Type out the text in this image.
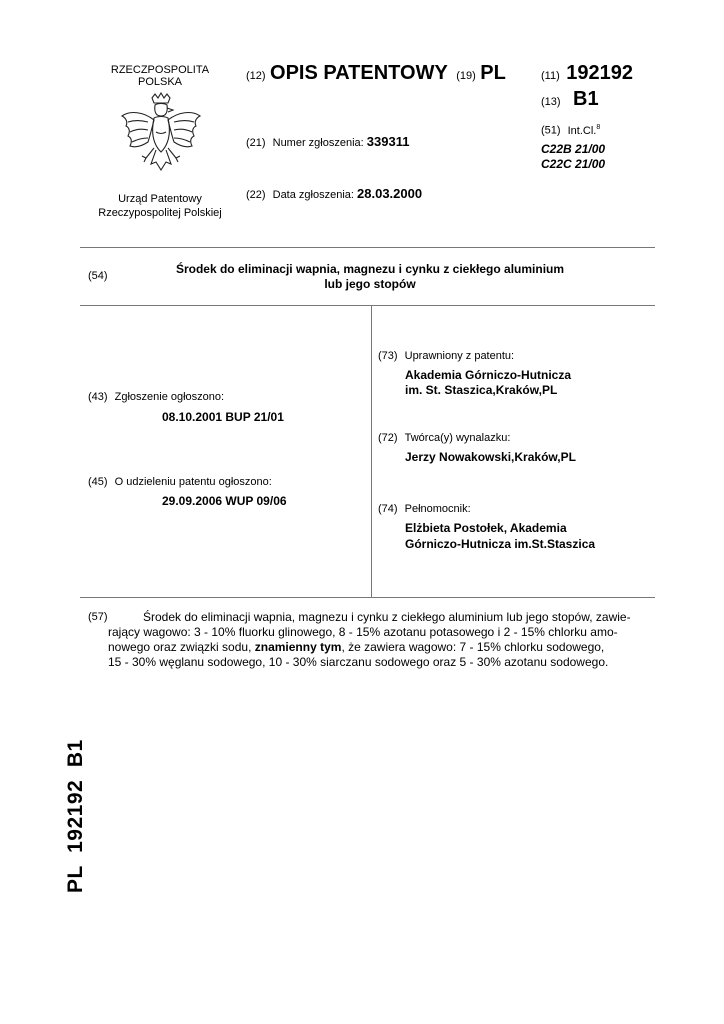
RZECZPOSPOLITA
POLSKA
Urząd Patentowy
Rzeczypospolitej Polskiej
(12) OPIS PATENTOWY (19) PL	(11) 192192
(13) B1
(21) Numer zgłoszenia: 339311
(51) Int.Cl.$^8$
C22B 21/00
C22C 21/00
(22) Data zgłoszenia: 28.03.2000
(54)	Środek do eliminacji wapnia, magnezu i cynku z ciekłego aluminium
lub jego stopów
(43) Zgłoszenie ogłoszono:
08.10.2001 BUP 21/01
(45) O udzieleniu patentu ogłoszono:
29.09.2006 WUP 09/06
(73) Uprawniony z patentu:
Akademia Górniczo-Hutnicza
im. St. Staszica,Kraków,PL
(72) Twórca(y) wynalazku:
Jerzy Nowakowski,Kraków,PL
(74) Pełnomocnik:
Elżbieta Postołek, Akademia
Górniczo-Hutnicza im.St.Staszica
(57)	Środek do eliminacji wapnia, magnezu i cynku z ciekłego aluminium lub jego stopów, zawie-
rający wagowo: 3 - 10% fluorku glinowego, 8 - 15% azotanu potasowego i 2 - 15% chlorku amo-
nowego oraz związki sodu, znamienny tym, że zawiera wagowo: 7 - 15% chlorku sodowego,
15 - 30% węglanu sodowego, 10 - 30% siarczanu sodowego oraz 5 - 30% azotanu sodowego.
PL  192192  B1
